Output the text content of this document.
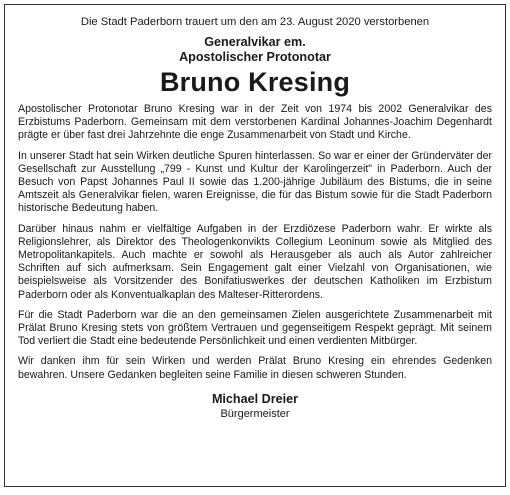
Die Stadt Paderborn trauert um den am 23. August 2020 verstorbenen
Generalvikar em.
Apostolischer Protonotar
Bruno Kresing

Apostolischer Protonotar Bruno Kresing war in der Zeit von 1974 bis 2002 Generalvikar des Erzbistums Paderborn. Gemeinsam mit dem verstorbenen Kardinal Johannes-Joachim Degenhardt prägte er über fast drei Jahrzehnte die enge Zusammenarbeit von Stadt und Kirche.

In unserer Stadt hat sein Wirken deutliche Spuren hinterlassen. So war er einer der Gründerväter der Gesellschaft zur Ausstellung „799 - Kunst und Kultur der Karolingerzeit" in Paderborn. Auch der Besuch von Papst Johannes Paul II sowie das 1.200-jährige Jubiläum des Bistums, die in seine Amtszeit als Generalvikar fielen, waren Ereignisse, die für das Bistum sowie für die Stadt Paderborn historische Bedeutung haben.

Darüber hinaus nahm er vielfältige Aufgaben in der Erzdiözese Paderborn wahr. Er wirkte als Religionslehrer, als Direktor des Theologenkonvikts Collegium Leoninum sowie als Mitglied des Metropolitankapitels. Auch machte er sowohl als Herausgeber als auch als Autor zahlreicher Schriften auf sich aufmerksam. Sein Engagement galt einer Vielzahl von Organisationen, wie beispielsweise als Vorsitzender des Bonifatiuswerkes der deutschen Katholiken im Erzbistum Paderborn oder als Konventualkaplan des Malteser-Ritterordens.

Für die Stadt Paderborn war die an den gemeinsamen Zielen ausgerichtete Zusammenarbeit mit Prälat Bruno Kresing stets von größtem Vertrauen und gegenseitigem Respekt geprägt. Mit seinem Tod verliert die Stadt eine bedeutende Persönlichkeit und einen verdienten Mitbürger.

Wir danken ihm für sein Wirken und werden Prälat Bruno Kresing ein ehrendes Gedenken bewahren. Unsere Gedanken begleiten seine Familie in diesen schweren Stunden.

Michael Dreier
Bürgermeister
